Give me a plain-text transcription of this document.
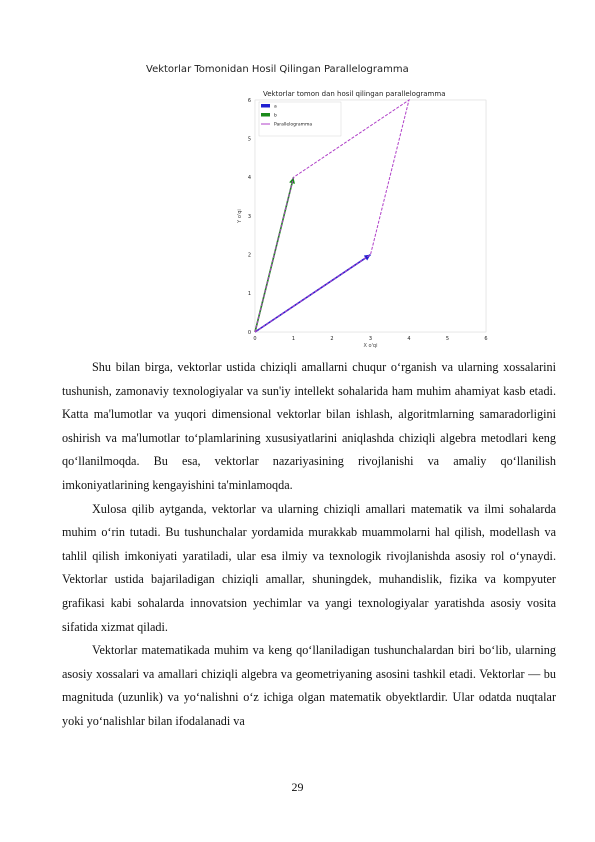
Vektorlar Tomonidan Hosil Qilingan Parallelogramma
0	1	2	3	4	5	6
0
1
2
3
4
5
6
Vektorlar tomon dan hosil qilingan parallelogramma
X o'qi
Y o'qi
a
b
Parallelogramma

Shu bilan birga, vektorlar ustida chiziqli amallarni chuqur o‘rganish va ularning xossalarini tushunish, zamonaviy texnologiyalar va sun'iy intellekt sohalarida ham muhim ahamiyat kasb etadi. Katta ma'lumotlar va yuqori dimensional vektorlar bilan ishlash, algoritmlarning samaradorligini oshirish va ma'lumotlar to‘plamlarining xususiyatlarini aniqlashda chiziqli algebra metodlari keng qo‘llanilmoqda. Bu esa, vektorlar nazariyasining rivojlanishi va amaliy qo‘llanilish imkoniyatlarining kengayishini ta'minlamoqda.

Xulosa qilib aytganda, vektorlar va ularning chiziqli amallari matematik va ilmi sohalarda muhim o‘rin tutadi. Bu tushunchalar yordamida murakkab muammolarni hal qilish, modellash va tahlil qilish imkoniyati yaratiladi, ular esa ilmiy va texnologik rivojlanishda asosiy rol o‘ynaydi. Vektorlar ustida bajariladigan chiziqli amallar, shuningdek, muhandislik, fizika va kompyuter grafikasi kabi sohalarda innovatsion yechimlar va yangi texnologiyalar yaratishda asosiy vosita sifatida xizmat qiladi.

Vektorlar matematikada muhim va keng qo‘llaniladigan tushunchalardan biri bo‘lib, ularning asosiy xossalari va amallari chiziqli algebra va geometriyaning asosini tashkil etadi. Vektorlar — bu magnituda (uzunlik) va yo‘nalishni o‘z ichiga olgan matematik obyektlardir. Ular odatda nuqtalar yoki yo‘nalishlar bilan ifodalanadi va

29
